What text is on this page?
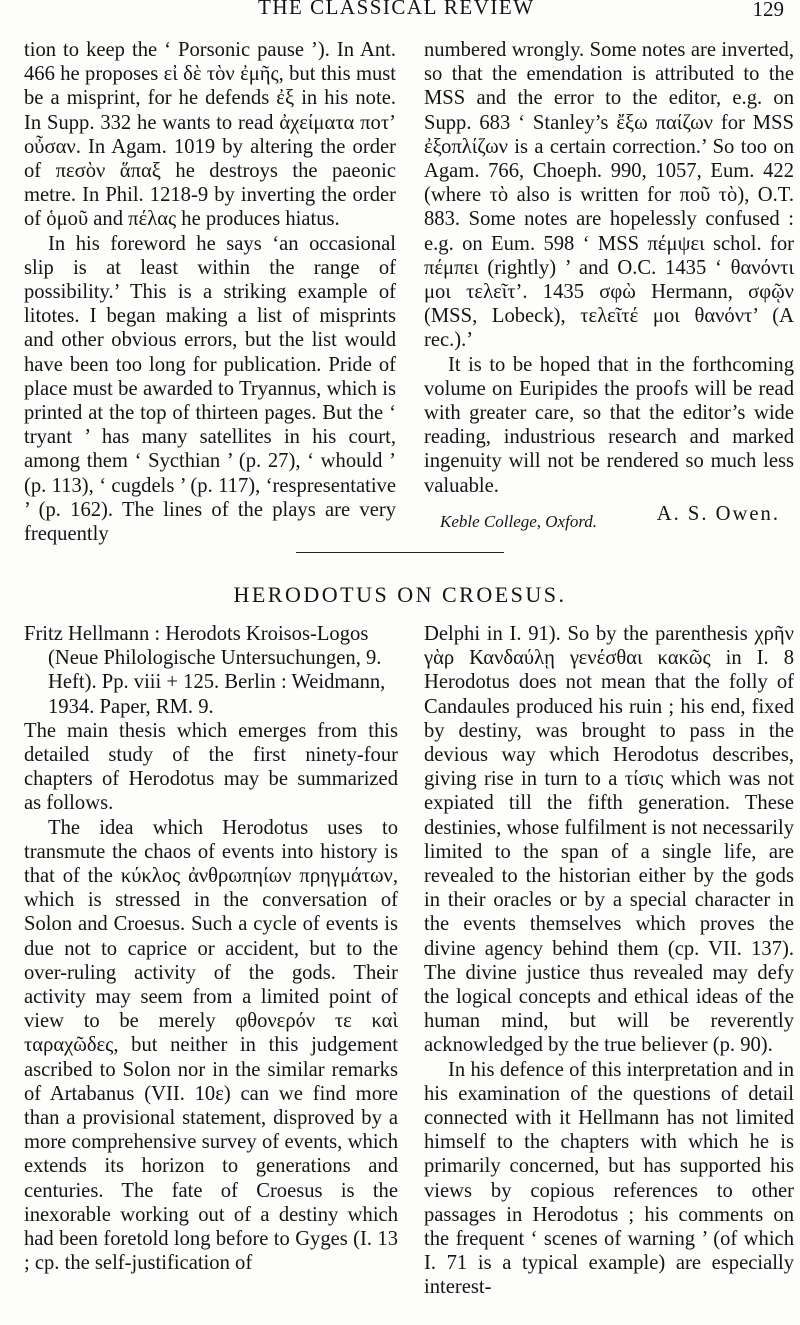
THE CLASSICAL REVIEW	129

tion to keep the ‘ Porsonic pause ’). In Ant. 466 he proposes εἰ δὲ τὸν ἐμῆς, but this must be a misprint, for he defends ἐξ in his note. In Supp. 332 he wants to read ἀχείματα ποτ’ οὖσαν. In Agam. 1019 by altering the order of πεσὸν ἅπαξ he destroys the paeonic metre. In Phil. 1218-9 by inverting the order of ὁμοῦ and πέλας he produces hiatus.

In his foreword he says ‘an occasional slip is at least within the range of possibility.’ This is a striking example of litotes. I began making a list of misprints and other obvious errors, but the list would have been too long for publication. Pride of place must be awarded to Tryannus, which is printed at the top of thirteen pages. But the ‘ tryant ’ has many satellites in his court, among them ‘ Sycthian ’ (p. 27), ‘ whould ’ (p. 113), ‘ cugdels ’ (p. 117), ‘respresentative ’ (p. 162). The lines of the plays are very frequently

numbered wrongly. Some notes are inverted, so that the emendation is attributed to the MSS and the error to the editor, e.g. on Supp. 683 ‘ Stanley’s ἔξω παίζων for MSS ἐξοπλίζων is a certain correction.’ So too on Agam. 766, Choeph. 990, 1057, Eum. 422 (where τὸ also is written for ποῦ τὸ), O.T. 883. Some notes are hopelessly confused : e.g. on Eum. 598 ‘ MSS πέμψει schol. for πέμπει (rightly) ’ and O.C. 1435 ‘ θανόντι μοι τελεῖτ’. 1435 σφὼ Hermann, σφῷν (MSS, Lobeck), τελεῖτέ μοι θανόντ’ (A rec.).’

It is to be hoped that in the forthcoming volume on Euripides the proofs will be read with greater care, so that the editor’s wide reading, industrious research and marked ingenuity will not be rendered so much less valuable.

A. S. Owen.

Keble College, Oxford.
HERODOTUS ON CROESUS.

Fritz Hellmann : Herodots Kroisos-Logos (Neue Philologische Untersuchungen, 9. Heft). Pp. viii + 125. Berlin : Weidmann, 1934. Paper, RM. 9.

The main thesis which emerges from this detailed study of the first ninety-four chapters of Herodotus may be summarized as follows.

The idea which Herodotus uses to transmute the chaos of events into history is that of the κύκλος ἀνθρωπηίων πρηγμάτων, which is stressed in the conversation of Solon and Croesus. Such a cycle of events is due not to caprice or accident, but to the over-ruling activity of the gods. Their activity may seem from a limited point of view to be merely φθονερόν τε καὶ ταραχῶδες, but neither in this judgement ascribed to Solon nor in the similar remarks of Artabanus (VII. 10ε) can we find more than a provisional statement, disproved by a more comprehensive survey of events, which extends its horizon to generations and centuries. The fate of Croesus is the inexorable working out of a destiny which had been foretold long before to Gyges (I. 13 ; cp. the self-justification of

Delphi in I. 91). So by the parenthesis χρῆν γὰρ Κανδαύλῃ γενέσθαι κακῶς in I. 8 Herodotus does not mean that the folly of Candaules produced his ruin ; his end, fixed by destiny, was brought to pass in the devious way which Herodotus describes, giving rise in turn to a τίσις which was not expiated till the fifth generation. These destinies, whose fulfilment is not necessarily limited to the span of a single life, are revealed to the historian either by the gods in their oracles or by a special character in the events themselves which proves the divine agency behind them (cp. VII. 137). The divine justice thus revealed may defy the logical concepts and ethical ideas of the human mind, but will be reverently acknowledged by the true believer (p. 90).

In his defence of this interpretation and in his examination of the questions of detail connected with it Hellmann has not limited himself to the chapters with which he is primarily concerned, but has supported his views by copious references to other passages in Herodotus ; his comments on the frequent ‘ scenes of warning ’ (of which I. 71 is a typical example) are especially interest-
